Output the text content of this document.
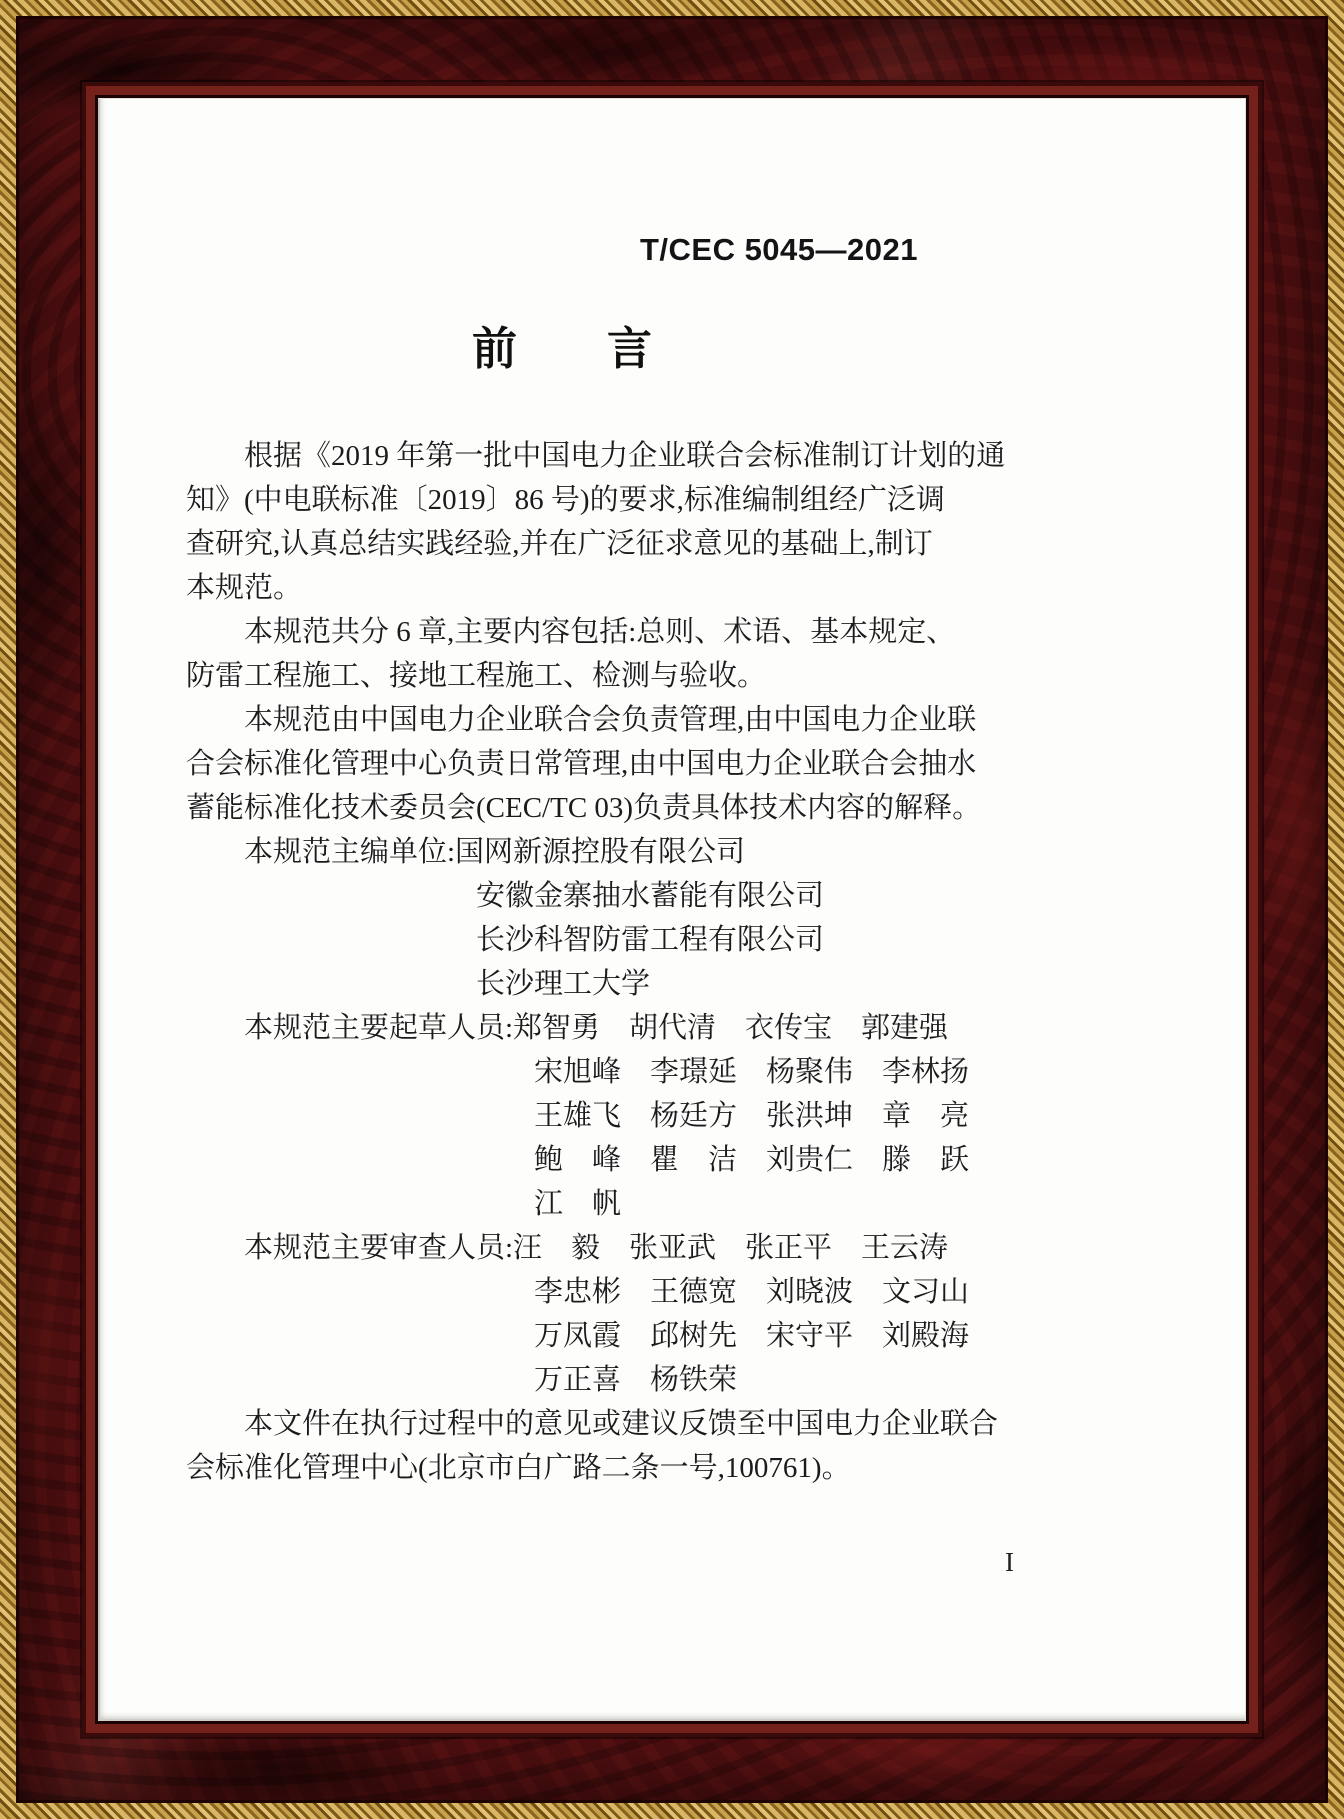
T/CEC 5045—2021
前　　言
根据《2019 年第一批中国电力企业联合会标准制订计划的通
知》(中电联标准〔2019〕86 号)的要求,标准编制组经广泛调
查研究,认真总结实践经验,并在广泛征求意见的基础上,制订
本规范。
本规范共分 6 章,主要内容包括:总则、术语、基本规定、
防雷工程施工、接地工程施工、检测与验收。
本规范由中国电力企业联合会负责管理,由中国电力企业联
合会标准化管理中心负责日常管理,由中国电力企业联合会抽水
蓄能标准化技术委员会(CEC/TC 03)负责具体技术内容的解释。
本规范主编单位:国网新源控股有限公司
安徽金寨抽水蓄能有限公司
长沙科智防雷工程有限公司
长沙理工大学
本规范主要起草人员:郑智勇　胡代清　衣传宝　郭建强
宋旭峰　李璟延　杨聚伟　李林扬
王雄飞　杨廷方　张洪坤　章　亮
鲍　峰　瞿　洁　刘贵仁　滕　跃
江　帆
本规范主要审查人员:汪　毅　张亚武　张正平　王云涛
李忠彬　王德宽　刘晓波　文习山
万凤霞　邱树先　宋守平　刘殿海
万正喜　杨铁荣
本文件在执行过程中的意见或建议反馈至中国电力企业联合
会标准化管理中心(北京市白广路二条一号,100761)。
I
